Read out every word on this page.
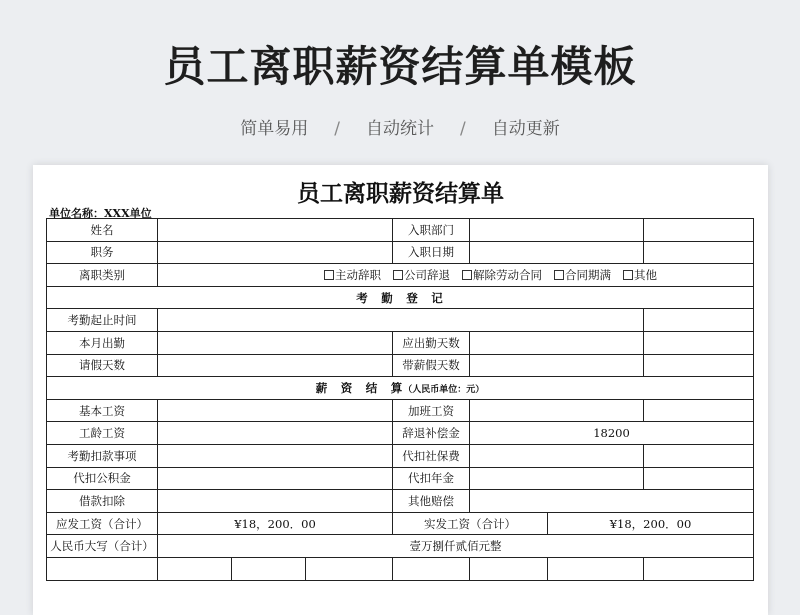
员工离职薪资结算单模板
简单易用 / 自动统计 / 自动更新
员工离职薪资结算单
单位名称：XXX单位
姓名				入职部门			
职务				入职日期			
离职类别	主动辞职 公司辞退 解除劳动合同 合同期满 其他						
考　勤　登　记							
考勤起止时间							
本月出勤				应出勤天数			
请假天数				带薪假天数			
薪　资　结　算（人民币单位：元）							
基本工资				加班工资			
工龄工资				辞退补偿金	18200		
考勤扣款事项				代扣社保费			
代扣公积金				代扣年金			
借款扣除				其他赔偿			
应发工资（合计）	¥18，200．00			实发工资（合计）		¥18，200．00	
人民币大写（合计）	壹万捌仟贰佰元整						
